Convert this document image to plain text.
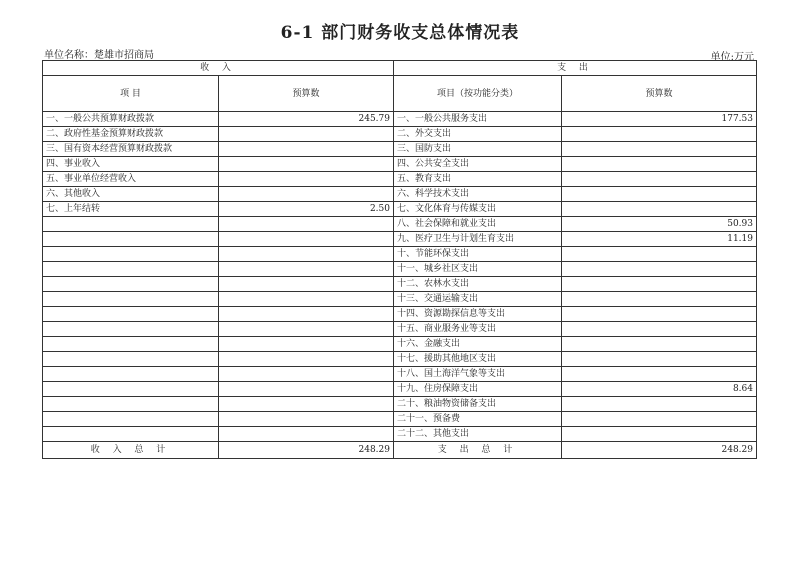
6-1 部门财务收支总体情况表
单位名称：楚雄市招商局	单位:万元
收 入		支 出	
项 目	预算数	项目（按功能分类）	预算数
一、一般公共预算财政拨款	245.79	一、一般公共服务支出	177.53
二、政府性基金预算财政拨款		二、外交支出	
三、国有资本经营预算财政拨款		三、国防支出	
四、事业收入		四、公共安全支出	
五、事业单位经营收入		五、教育支出	
六、其他收入		六、科学技术支出	
七、上年结转	2.50	七、文化体育与传媒支出	
		八、社会保障和就业支出	50.93
		九、医疗卫生与计划生育支出	11.19
		十、节能环保支出	
		十一、城乡社区支出	
		十二、农林水支出	
		十三、交通运输支出	
		十四、资源勘探信息等支出	
		十五、商业服务业等支出	
		十六、金融支出	
		十七、援助其他地区支出	
		十八、国土海洋气象等支出	
		十九、住房保障支出	8.64
		二十、粮油物资储备支出	
		二十一、预备费	
		二十二、其他支出	
收 入 总 计	248.29	支 出 总 计	248.29
